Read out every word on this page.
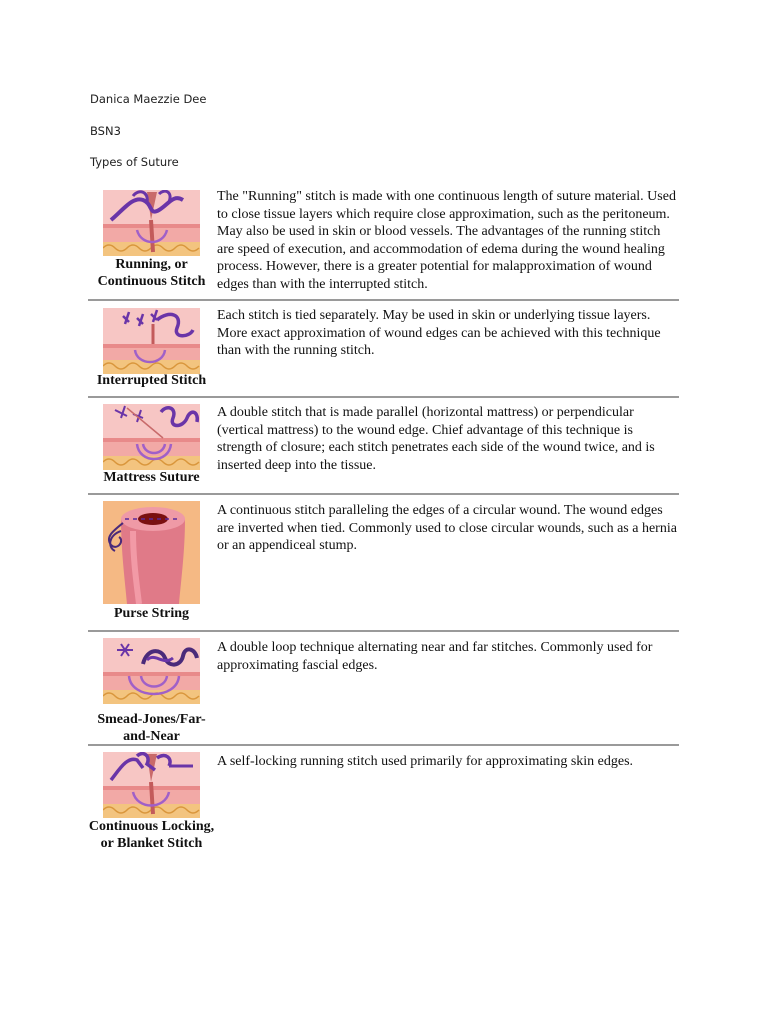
Danica Maezzie Dee
BSN3
Types of Suture
Running, or Continuous Stitch

The "Running" stitch is made with one continuous length of suture material. Used to close tissue layers which require close approximation, such as the peritoneum. May also be used in skin or blood vessels. The advantages of the running stitch are speed of execution, and accommodation of edema during the wound healing process. However, there is a greater potential for malapproximation of wound edges than with the interrupted stitch.

Interrupted Stitch

Each stitch is tied separately. May be used in skin or underlying tissue layers. More exact approximation of wound edges can be achieved with this technique than with the running stitch.

Mattress Suture

A double stitch that is made parallel (horizontal mattress) or perpendicular (vertical mattress) to the wound edge. Chief advantage of this technique is strength of closure; each stitch penetrates each side of the wound twice, and is inserted deep into the tissue.

Purse String

A continuous stitch paralleling the edges of a circular wound. The wound edges are inverted when tied. Commonly used to close circular wounds, such as a hernia or an appendiceal stump.

Smead-Jones/Far-and-Near

A double loop technique alternating near and far stitches. Commonly used for approximating fascial edges.

Continuous Locking, or Blanket Stitch

A self-locking running stitch used primarily for approximating skin edges.
